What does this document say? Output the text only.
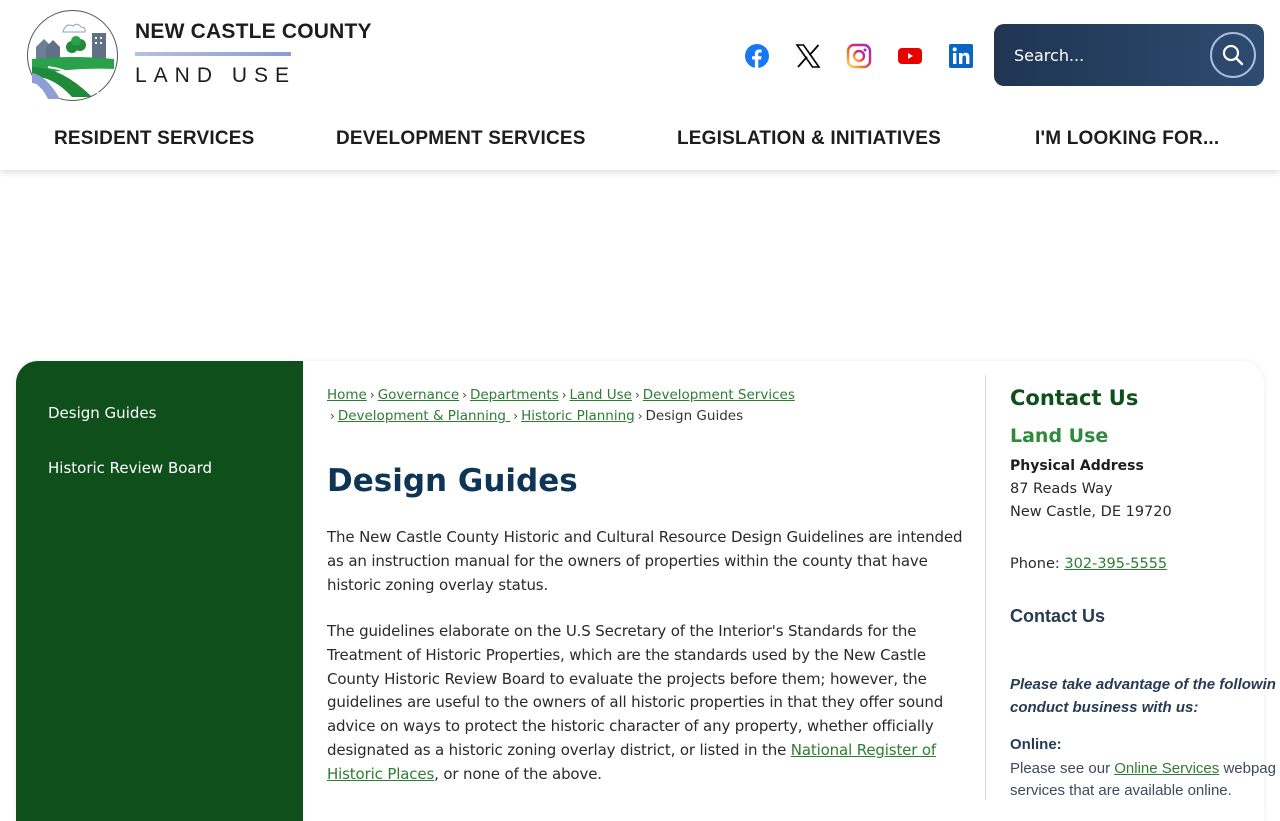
NEW CASTLE COUNTY
LAND USE
Search...
RESIDENT SERVICES	DEVELOPMENT SERVICES	LEGISLATION & INITIATIVES	I'M LOOKING FOR...
Design Guides
Historic Review Board
Home › Governance › Departments › Land Use › Development Services
› Development & Planning › Historic Planning › Design Guides
Design Guides

The New Castle County Historic and Cultural Resource Design Guidelines are intended as an instruction manual for the owners of properties within the county that have historic zoning overlay status.

The guidelines elaborate on the U.S Secretary of the Interior's Standards for the Treatment of Historic Properties, which are the standards used by the New Castle County Historic Review Board to evaluate the projects before them; however, the guidelines are useful to the owners of all historic properties in that they offer sound advice on ways to protect the historic character of any property, whether officially designated as a historic zoning overlay district, or listed in the National Register of Historic Places, or none of the above.

Contact Us
Land Use
Physical Address
87 Reads Way
New Castle, DE 19720
Phone: 302-395-5555
Contact Us
Please take advantage of the followin
conduct business with us:
Online:
Please see our Online Services webpag
services that are available online.
